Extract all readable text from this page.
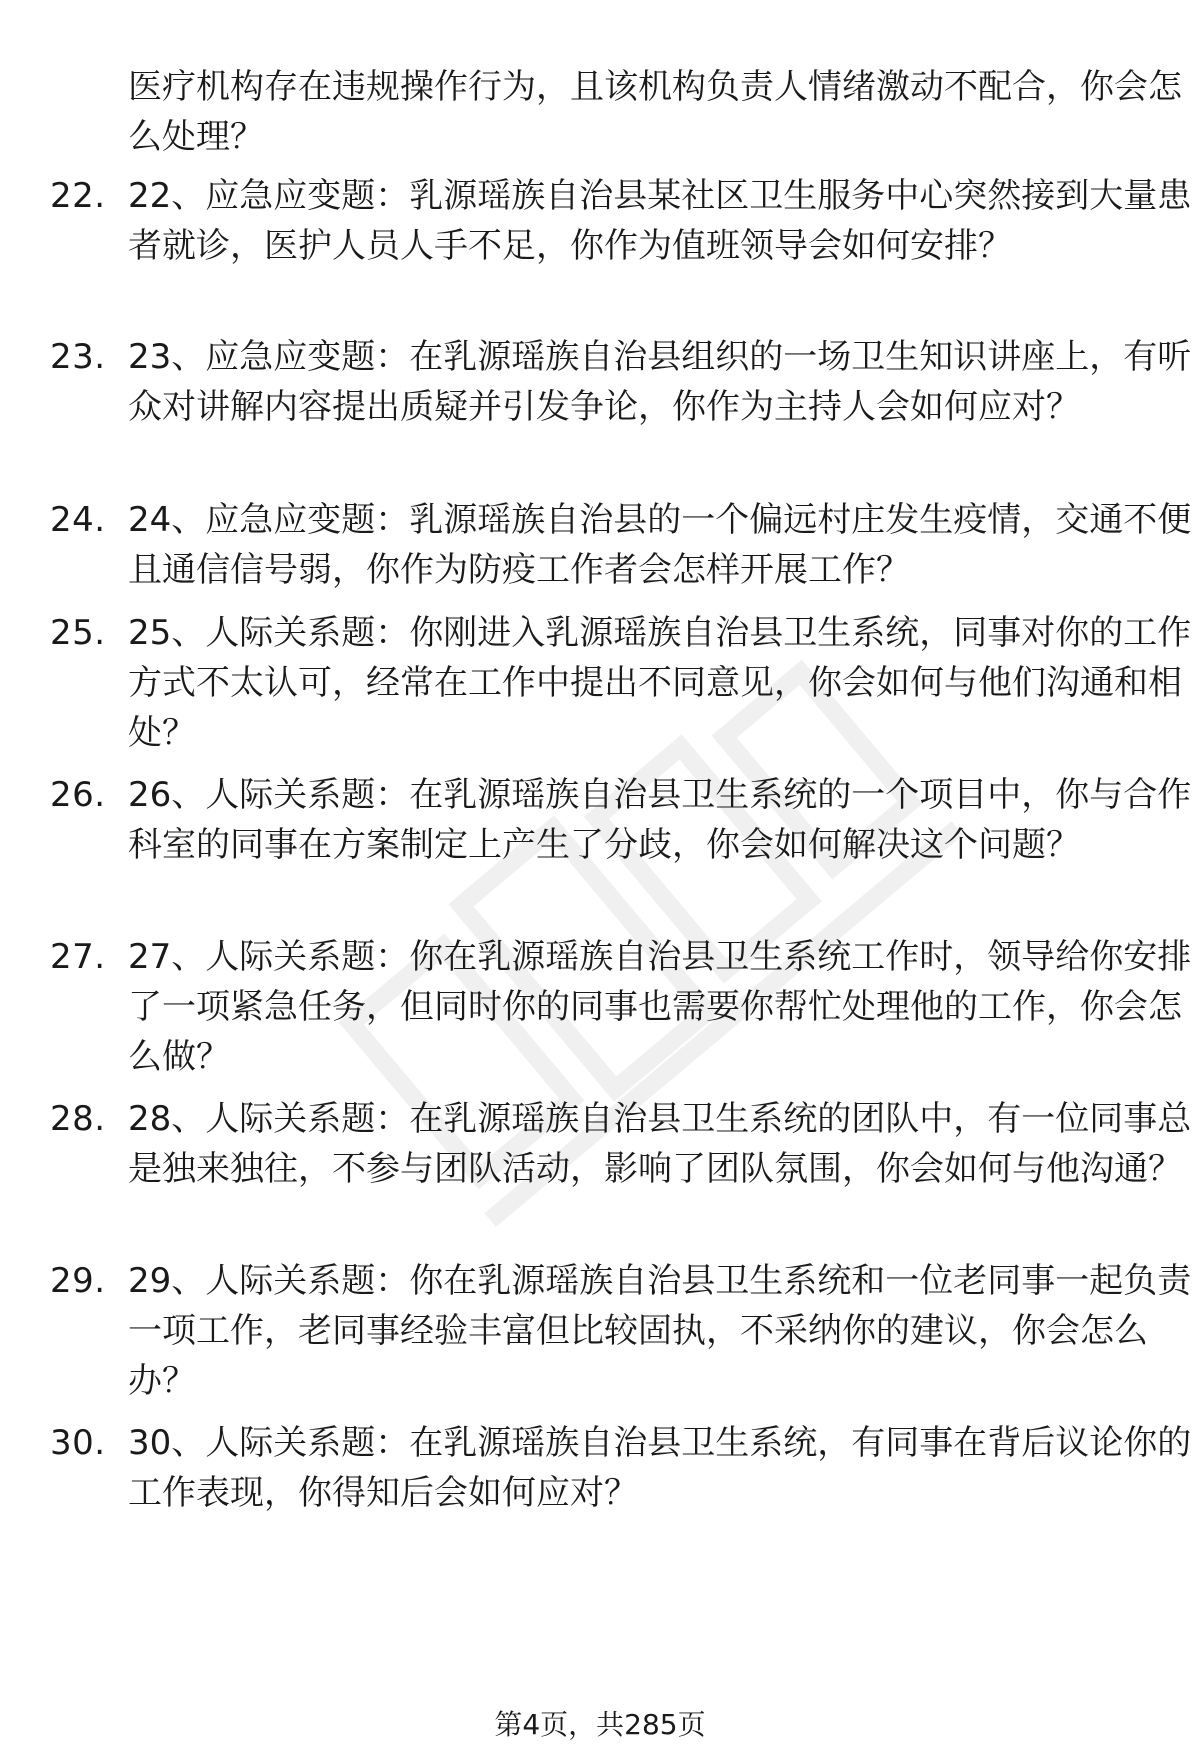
医疗机构存在违规操作行为，且该机构负责人情绪激动不配合，你会怎么处理？
22. 22、应急应变题：乳源瑶族自治县某社区卫生服务中心突然接到大量患者就诊，医护人员人手不足，你作为值班领导会如何安排？
23. 23、应急应变题：在乳源瑶族自治县组织的一场卫生知识讲座上，有听众对讲解内容提出质疑并引发争论，你作为主持人会如何应对？
24. 24、应急应变题：乳源瑶族自治县的一个偏远村庄发生疫情，交通不便且通信信号弱，你作为防疫工作者会怎样开展工作？
25. 25、人际关系题：你刚进入乳源瑶族自治县卫生系统，同事对你的工作方式不太认可，经常在工作中提出不同意见，你会如何与他们沟通和相处？
26. 26、人际关系题：在乳源瑶族自治县卫生系统的一个项目中，你与合作科室的同事在方案制定上产生了分歧，你会如何解决这个问题？
27. 27、人际关系题：你在乳源瑶族自治县卫生系统工作时，领导给你安排了一项紧急任务，但同时你的同事也需要你帮忙处理他的工作，你会怎么做？
28. 28、人际关系题：在乳源瑶族自治县卫生系统的团队中，有一位同事总是独来独往，不参与团队活动，影响了团队氛围，你会如何与他沟通？
29. 29、人际关系题：你在乳源瑶族自治县卫生系统和一位老同事一起负责一项工作，老同事经验丰富但比较固执，不采纳你的建议，你会怎么办？
30. 30、人际关系题：在乳源瑶族自治县卫生系统，有同事在背后议论你的工作表现，你得知后会如何应对？
第4页，共285页
